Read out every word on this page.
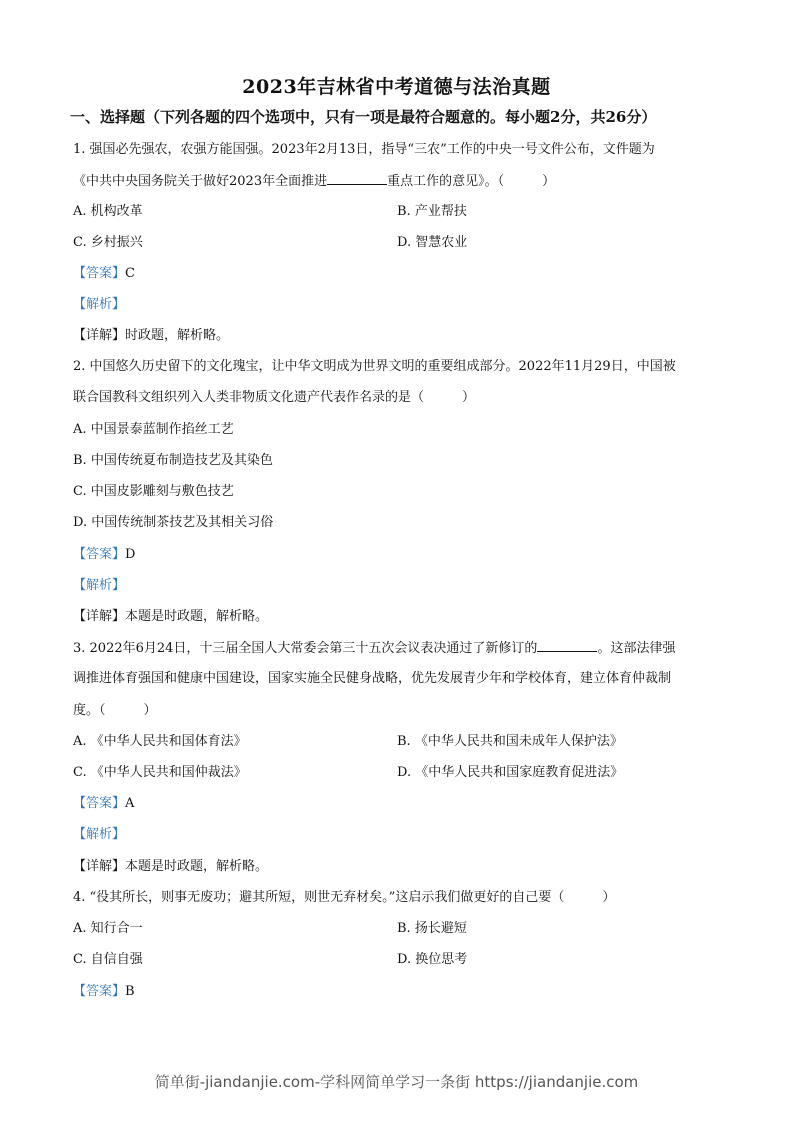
2023年吉林省中考道德与法治真题
一、选择题（下列各题的四个选项中，只有一项是最符合题意的。每小题2分，共26分）
1. 强国必先强农，农强方能国强。2023年2月13日，指导“三农”工作的中央一号文件公布，文件题为
《中共中央国务院关于做好2023年全面推进	重点工作的意见》。（	）
A. 机构改革	B. 产业帮扶
C. 乡村振兴	D. 智慧农业
【答案】C
【解析】
【详解】时政题，解析略。
2. 中国悠久历史留下的文化瑰宝，让中华文明成为世界文明的重要组成部分。2022年11月29日，中国被
联合国教科文组织列入人类非物质文化遗产代表作名录的是（	）
A. 中国景泰蓝制作掐丝工艺
B. 中国传统夏布制造技艺及其染色
C. 中国皮影雕刻与敷色技艺
D. 中国传统制茶技艺及其相关习俗
【答案】D
【解析】
【详解】本题是时政题，解析略。
3. 2022年6月24日，十三届全国人大常委会第三十五次会议表决通过了新修订的	。这部法律强
调推进体育强国和健康中国建设，国家实施全民健身战略，优先发展青少年和学校体育，建立体育仲裁制
度。（	）
A. 《中华人民共和国体育法》	B. 《中华人民共和国未成年人保护法》
C. 《中华人民共和国仲裁法》	D. 《中华人民共和国家庭教育促进法》
【答案】A
【解析】
【详解】本题是时政题，解析略。
4. “役其所长，则事无废功；避其所短，则世无弃材矣。”这启示我们做更好的自己要（	）
A. 知行合一	B. 扬长避短
C. 自信自强	D. 换位思考
【答案】B
简单街-jiandanjie.com-学科网简单学习一条街 https://jiandanjie.com
